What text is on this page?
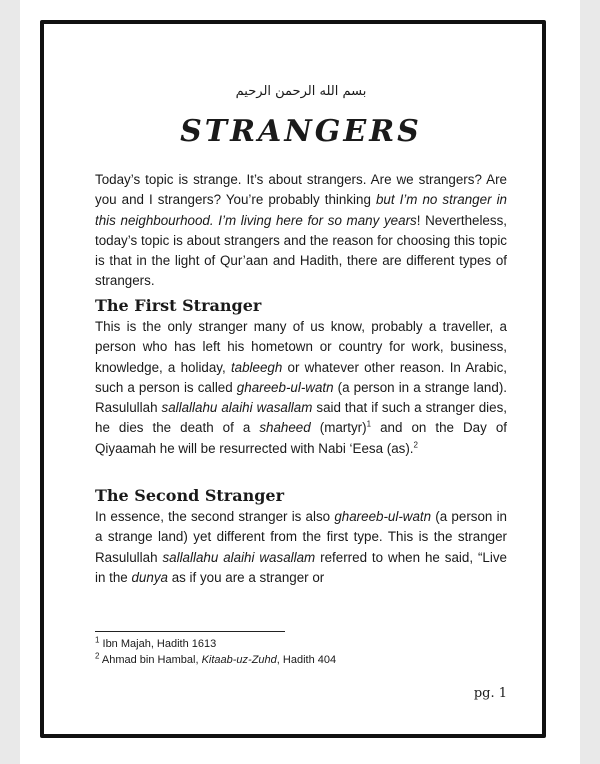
بسم الله الرحمن الرحيم
STRANGERS
Today’s topic is strange. It’s about strangers. Are we strangers? Are you and I strangers? You’re probably thinking but I’m no stranger in this neighbourhood. I’m living here for so many years! Nevertheless, today’s topic is about strangers and the reason for choosing this topic is that in the light of Qur’aan and Hadith, there are different types of strangers.
The First Stranger
This is the only stranger many of us know, probably a traveller, a person who has left his hometown or country for work, business, knowledge, a holiday, tableegh or whatever other reason. In Arabic, such a person is called ghareeb-ul-watn (a person in a strange land). Rasulullah sallallahu alaihi wasallam said that if such a stranger dies, he dies the death of a shaheed (martyr)$^1$ and on the Day of Qiyaamah he will be resurrected with Nabi ‘Eesa (as).$^2$
The Second Stranger
In essence, the second stranger is also ghareeb-ul-watn (a person in a strange land) yet different from the first type. This is the stranger Rasulullah sallallahu alaihi wasallam referred to when he said, “Live in the dunya as if you are a stranger or
$^1$ Ibn Majah, Hadith 1613
$^2$ Ahmad bin Hambal, Kitaab-uz-Zuhd, Hadith 404
pg. 1
